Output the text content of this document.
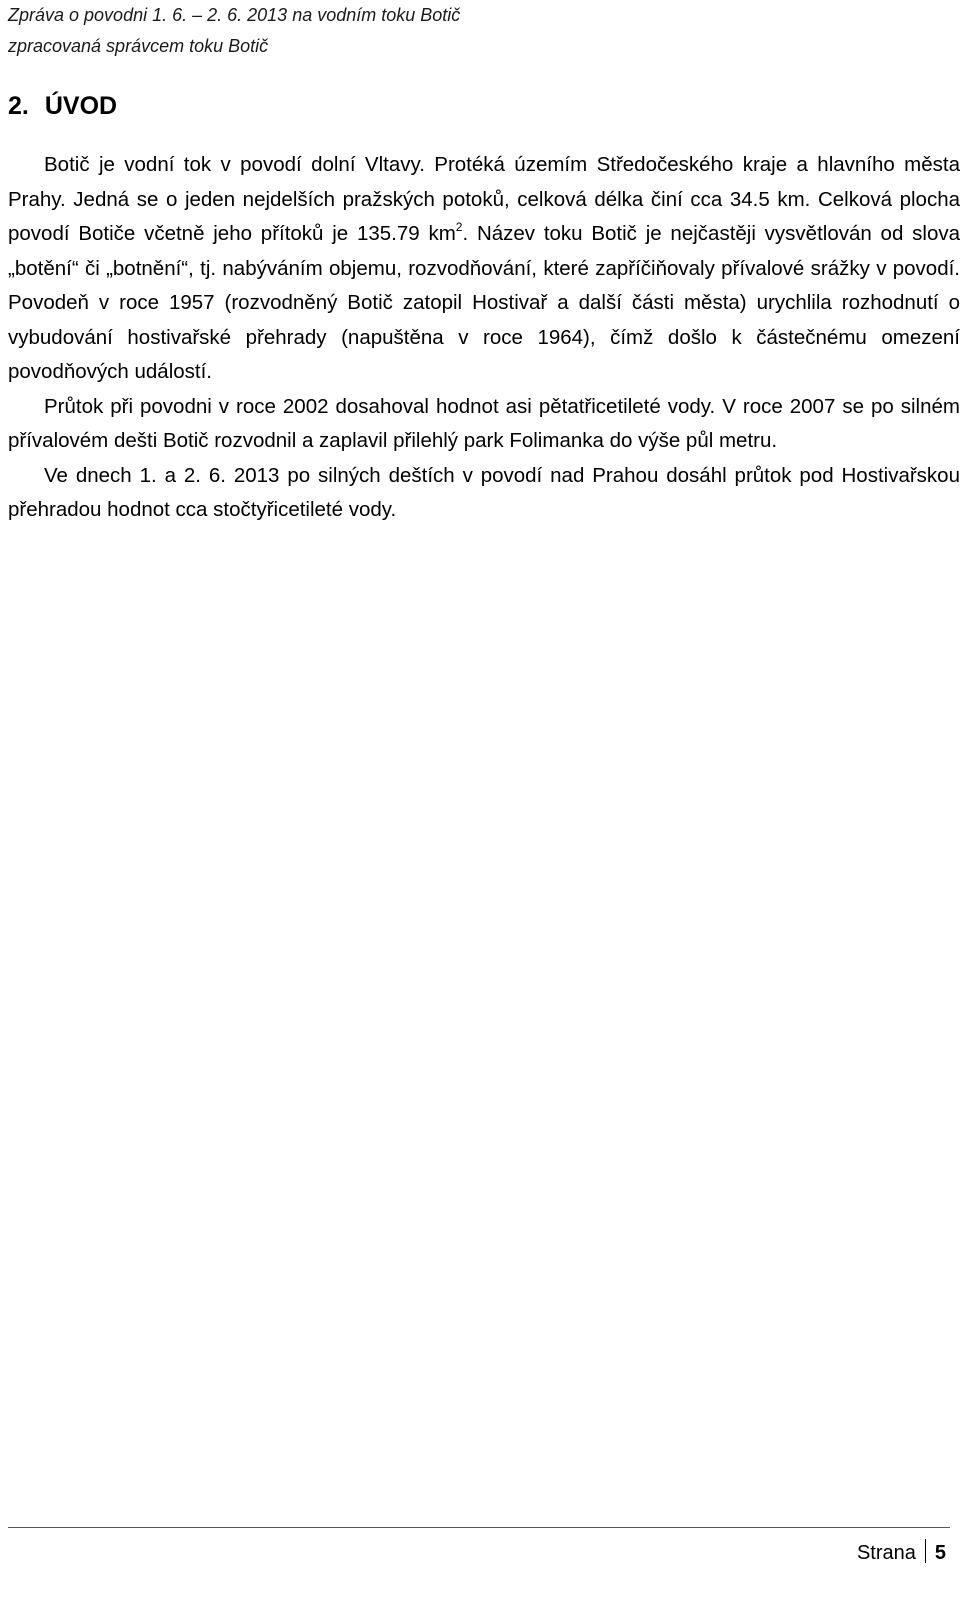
Zpráva o povodni 1. 6. – 2. 6. 2013 na vodním toku Botič
zpracovaná správcem toku Botič
2. ÚVOD

Botič je vodní tok v povodí dolní Vltavy. Protéká územím Středočeského kraje a hlavního města Prahy. Jedná se o jeden nejdelších pražských potoků, celková délka činí cca 34.5 km. Celková plocha povodí Botiče včetně jeho přítoků je 135.79 $km^2$. Název toku Botič je nejčastěji vysvětlován od slova „botění“ či „botnění“, tj. nabýváním objemu, rozvodňování, které zapříčiňovaly přívalové srážky v povodí. Povodeň v roce 1957 (rozvodněný Botič zatopil Hostivař a další části města) urychlila rozhodnutí o vybudování hostivařské přehrady (napuštěna v roce 1964), čímž došlo k částečnému omezení povodňových událostí.

Průtok při povodni v roce 2002 dosahoval hodnot asi pětatřicetileté vody. V roce 2007 se po silném přívalovém dešti Botič rozvodnil a zaplavil přilehlý park Folimanka do výše půl metru.

Ve dnech 1. a 2. 6. 2013 po silných deštích v povodí nad Prahou dosáhl průtok pod Hostivařskou přehradou hodnot cca stočtyřicetileté vody.

Strana 5
